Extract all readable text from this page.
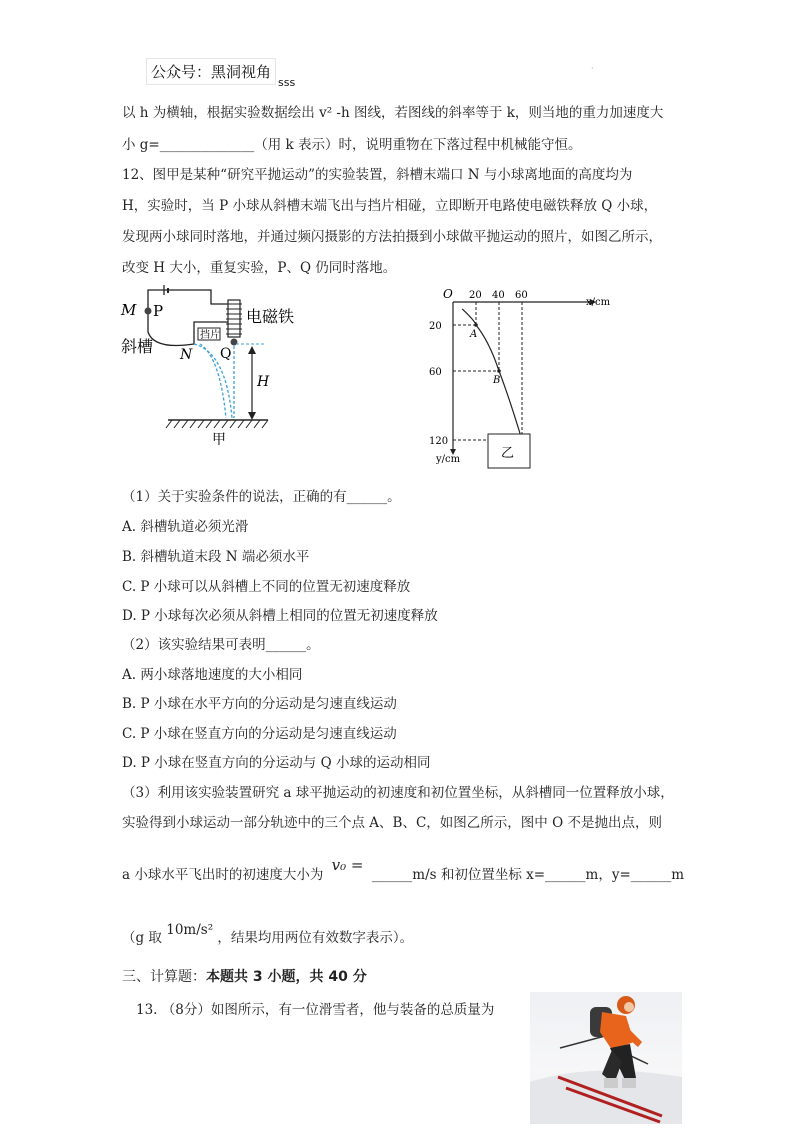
公众号：黑洞视角
sss
·
以 h 为横轴，根据实验数据绘出 v² -h 图线，若图线的斜率等于 k，则当地的重力加速度大
小 g=______________（用 k 表示）时，说明重物在下落过程中机械能守恒。
12、图甲是某种“研究平抛运动”的实验装置，斜槽末端口 N 与小球离地面的高度均为
H，实验时，当 P 小球从斜槽末端飞出与挡片相碰，立即断开电路使电磁铁释放 Q 小球，
发现两小球同时落地，并通过频闪摄影的方法拍摄到小球做平抛运动的照片，如图乙所示，
改变 H 大小，重复实验，P、Q 仍同时落地。
M P	电磁铁
挡片
斜槽 N Q
H
甲
20 40 60
20
60
120
A
B
O
x/cm
y/cm	乙
（1）关于实验条件的说法，正确的有______。
A. 斜槽轨道必须光滑
B. 斜槽轨道末段 N 端必须水平
C. P 小球可以从斜槽上不同的位置无初速度释放
D. P 小球每次必须从斜槽上相同的位置无初速度释放
（2）该实验结果可表明______。
A. 两小球落地速度的大小相同
B. P 小球在水平方向的分运动是匀速直线运动
C. P 小球在竖直方向的分运动是匀速直线运动
D. P 小球在竖直方向的分运动与 Q 小球的运动相同
（3）利用该实验装置研究 a 球平抛运动的初速度和初位置坐标，从斜槽同一位置释放小球，
实验得到小球运动一部分轨迹中的三个点 A、B、C，如图乙所示，图中 O 不是抛出点，则
a 小球水平飞出时的初速度大小为 v₀ = ______m/s 和初位置坐标 x=______m，y=______m
（g 取 10m/s² ，结果均用两位有效数字表示）。
三、计算题：本题共 3 小题，共 40 分
13. （8分）如图所示，有一位滑雪者，他与装备的总质量为
